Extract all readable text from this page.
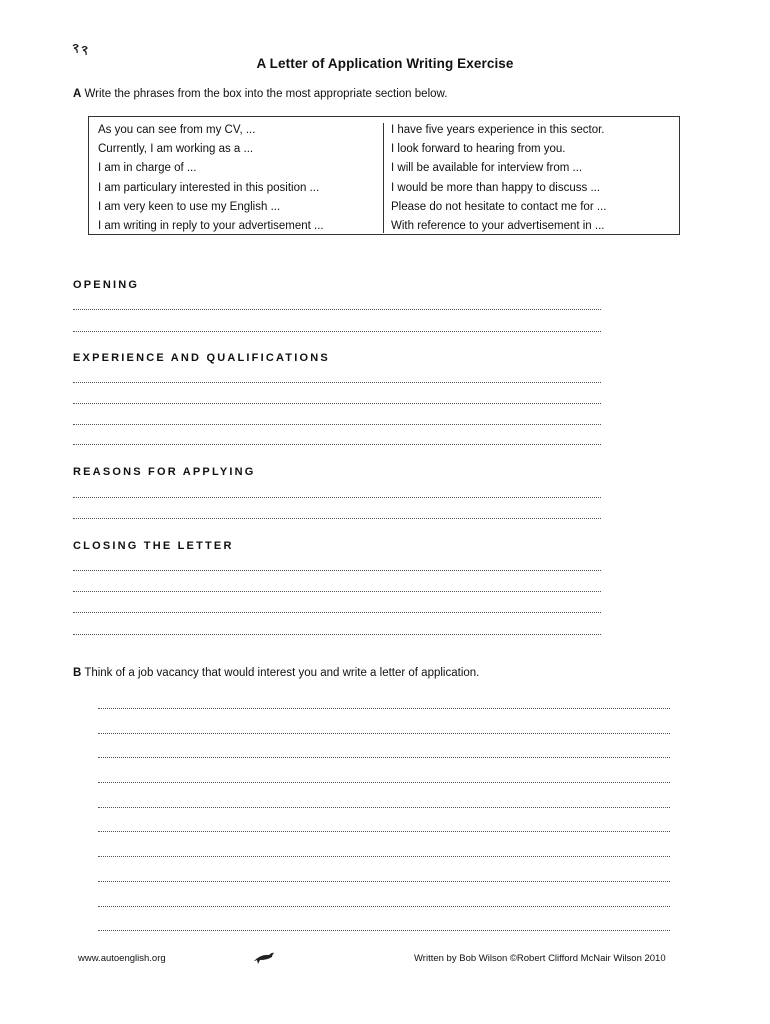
A Letter of Application Writing Exercise
A Write the phrases from the box into the most appropriate section below.
As you can see from my CV, ...
Currently, I am working as a ...
I am in charge of ...
I am particulary interested in this position ...
I am very keen to use my English ...
I am writing in reply to your advertisement ...
I have five years experience in this sector.
I look forward to hearing from you.
I will be available for interview from ...
I would be more than happy to discuss ...
Please do not hesitate to contact me for ...
With reference to your advertisement in ...
OPENING
EXPERIENCE AND QUALIFICATIONS
REASONS FOR APPLYING
CLOSING THE LETTER
B Think of a job vacancy that would interest you and write a letter of application.
www.autoenglish.org	Written by Bob Wilson ©Robert Clifford McNair Wilson 2010
